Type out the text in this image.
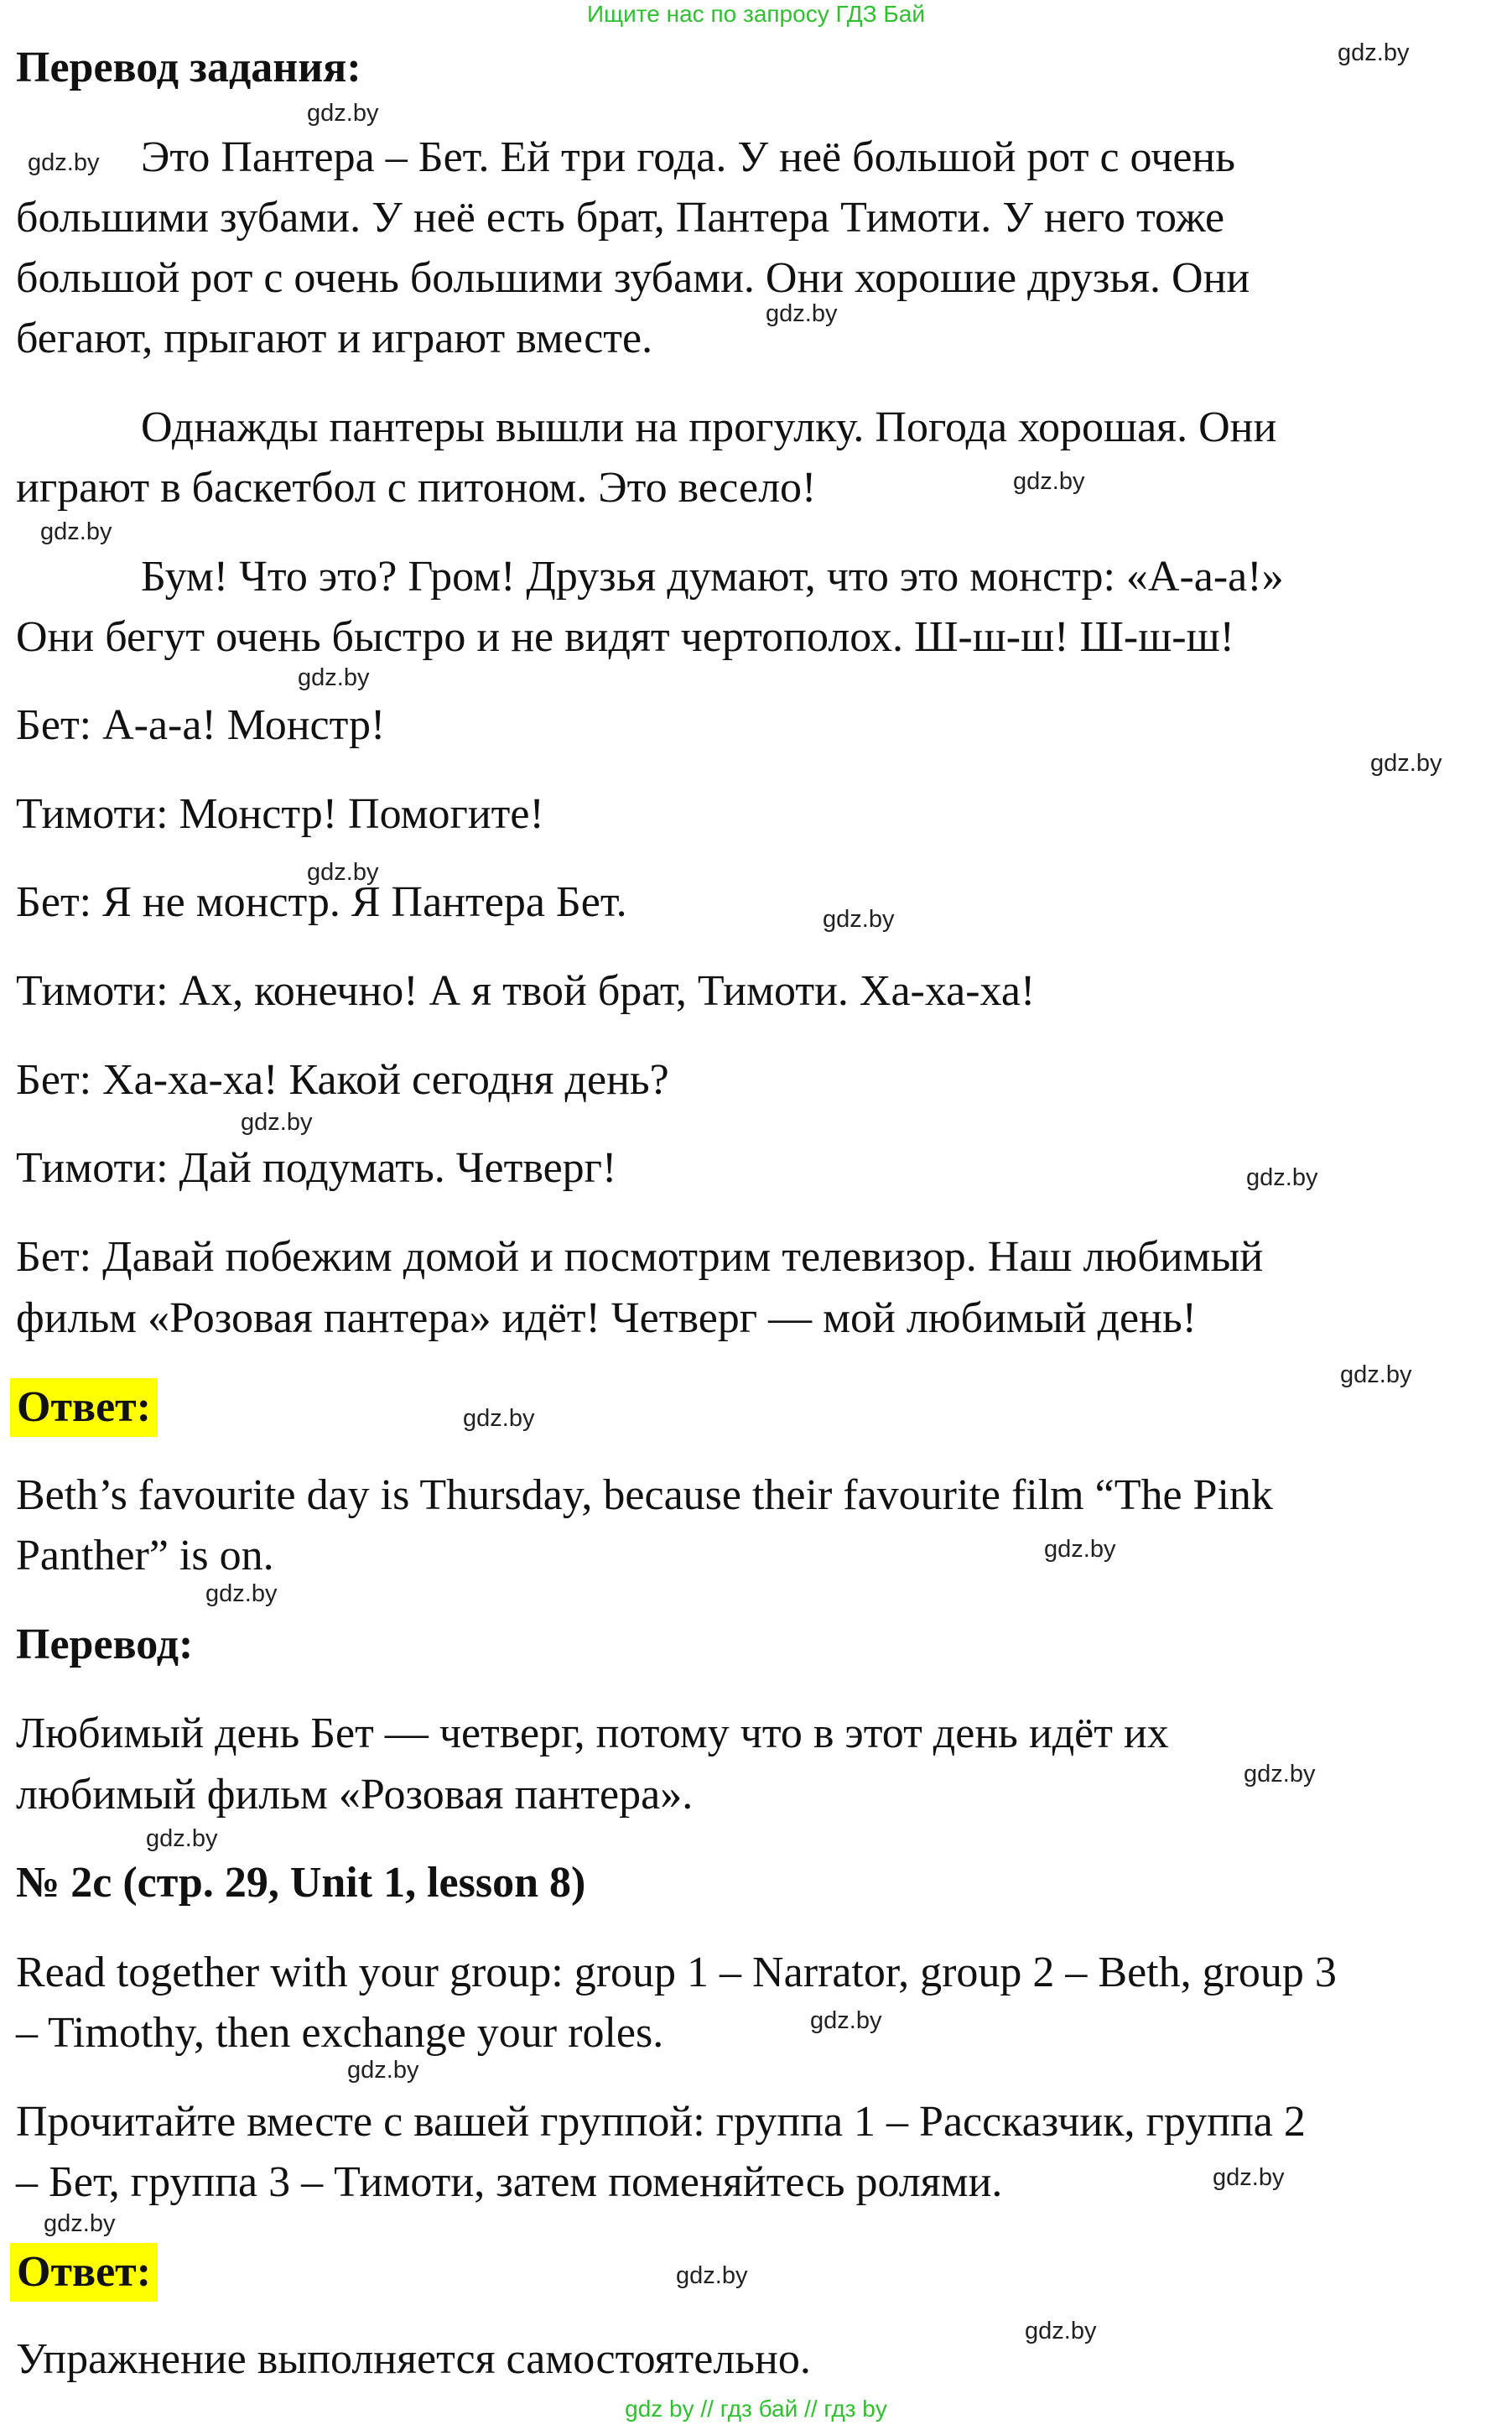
Ищите нас по запросу ГДЗ Бай
Перевод задания:
Это Пантера – Бет. Ей три года. У неё большой рот с очень
большими зубами. У неё есть брат, Пантера Тимоти. У него тоже
большой рот с очень большими зубами. Они хорошие друзья. Они
бегают, прыгают и играют вместе.
Однажды пантеры вышли на прогулку. Погода хорошая. Они
играют в баскетбол с питоном. Это весело!
Бум! Что это? Гром! Друзья думают, что это монстр: «А-а-а!»
Они бегут очень быстро и не видят чертополох. Ш-ш-ш! Ш-ш-ш!
Бет: А-а-а! Монстр!
Тимоти: Монстр! Помогите!
Бет: Я не монстр. Я Пантера Бет.
Тимоти: Ах, конечно! А я твой брат, Тимоти. Ха-ха-ха!
Бет: Ха-ха-ха! Какой сегодня день?
Тимоти: Дай подумать. Четверг!
Бет: Давай побежим домой и посмотрим телевизор. Наш любимый
фильм «Розовая пантера» идёт! Четверг — мой любимый день!
Ответ:
Beth’s favourite day is Thursday, because their favourite film “The Pink
Panther” is on.
Перевод:
Любимый день Бет — четверг, потому что в этот день идёт их
любимый фильм «Розовая пантера».
№ 2c (стр. 29, Unit 1, lesson 8)
Read together with your group: group 1 – Narrator, group 2 – Beth, group 3
– Timothy, then exchange your roles.
Прочитайте вместе с вашей группой: группа 1 – Рассказчик, группа 2
– Бет, группа 3 – Тимоти, затем поменяйтесь ролями.
Ответ:
Упражнение выполняется самостоятельно.
gdz.by
gdz.by
gdz.by
gdz.by
gdz.by
gdz.by
gdz.by
gdz.by
gdz.by
gdz.by
gdz.by
gdz.by
gdz.by
gdz.by
gdz.by
gdz.by
gdz.by
gdz.by
gdz.by
gdz.by
gdz.by
gdz.by
gdz.by
gdz.by
gdz by // гдз бай // гдз by
